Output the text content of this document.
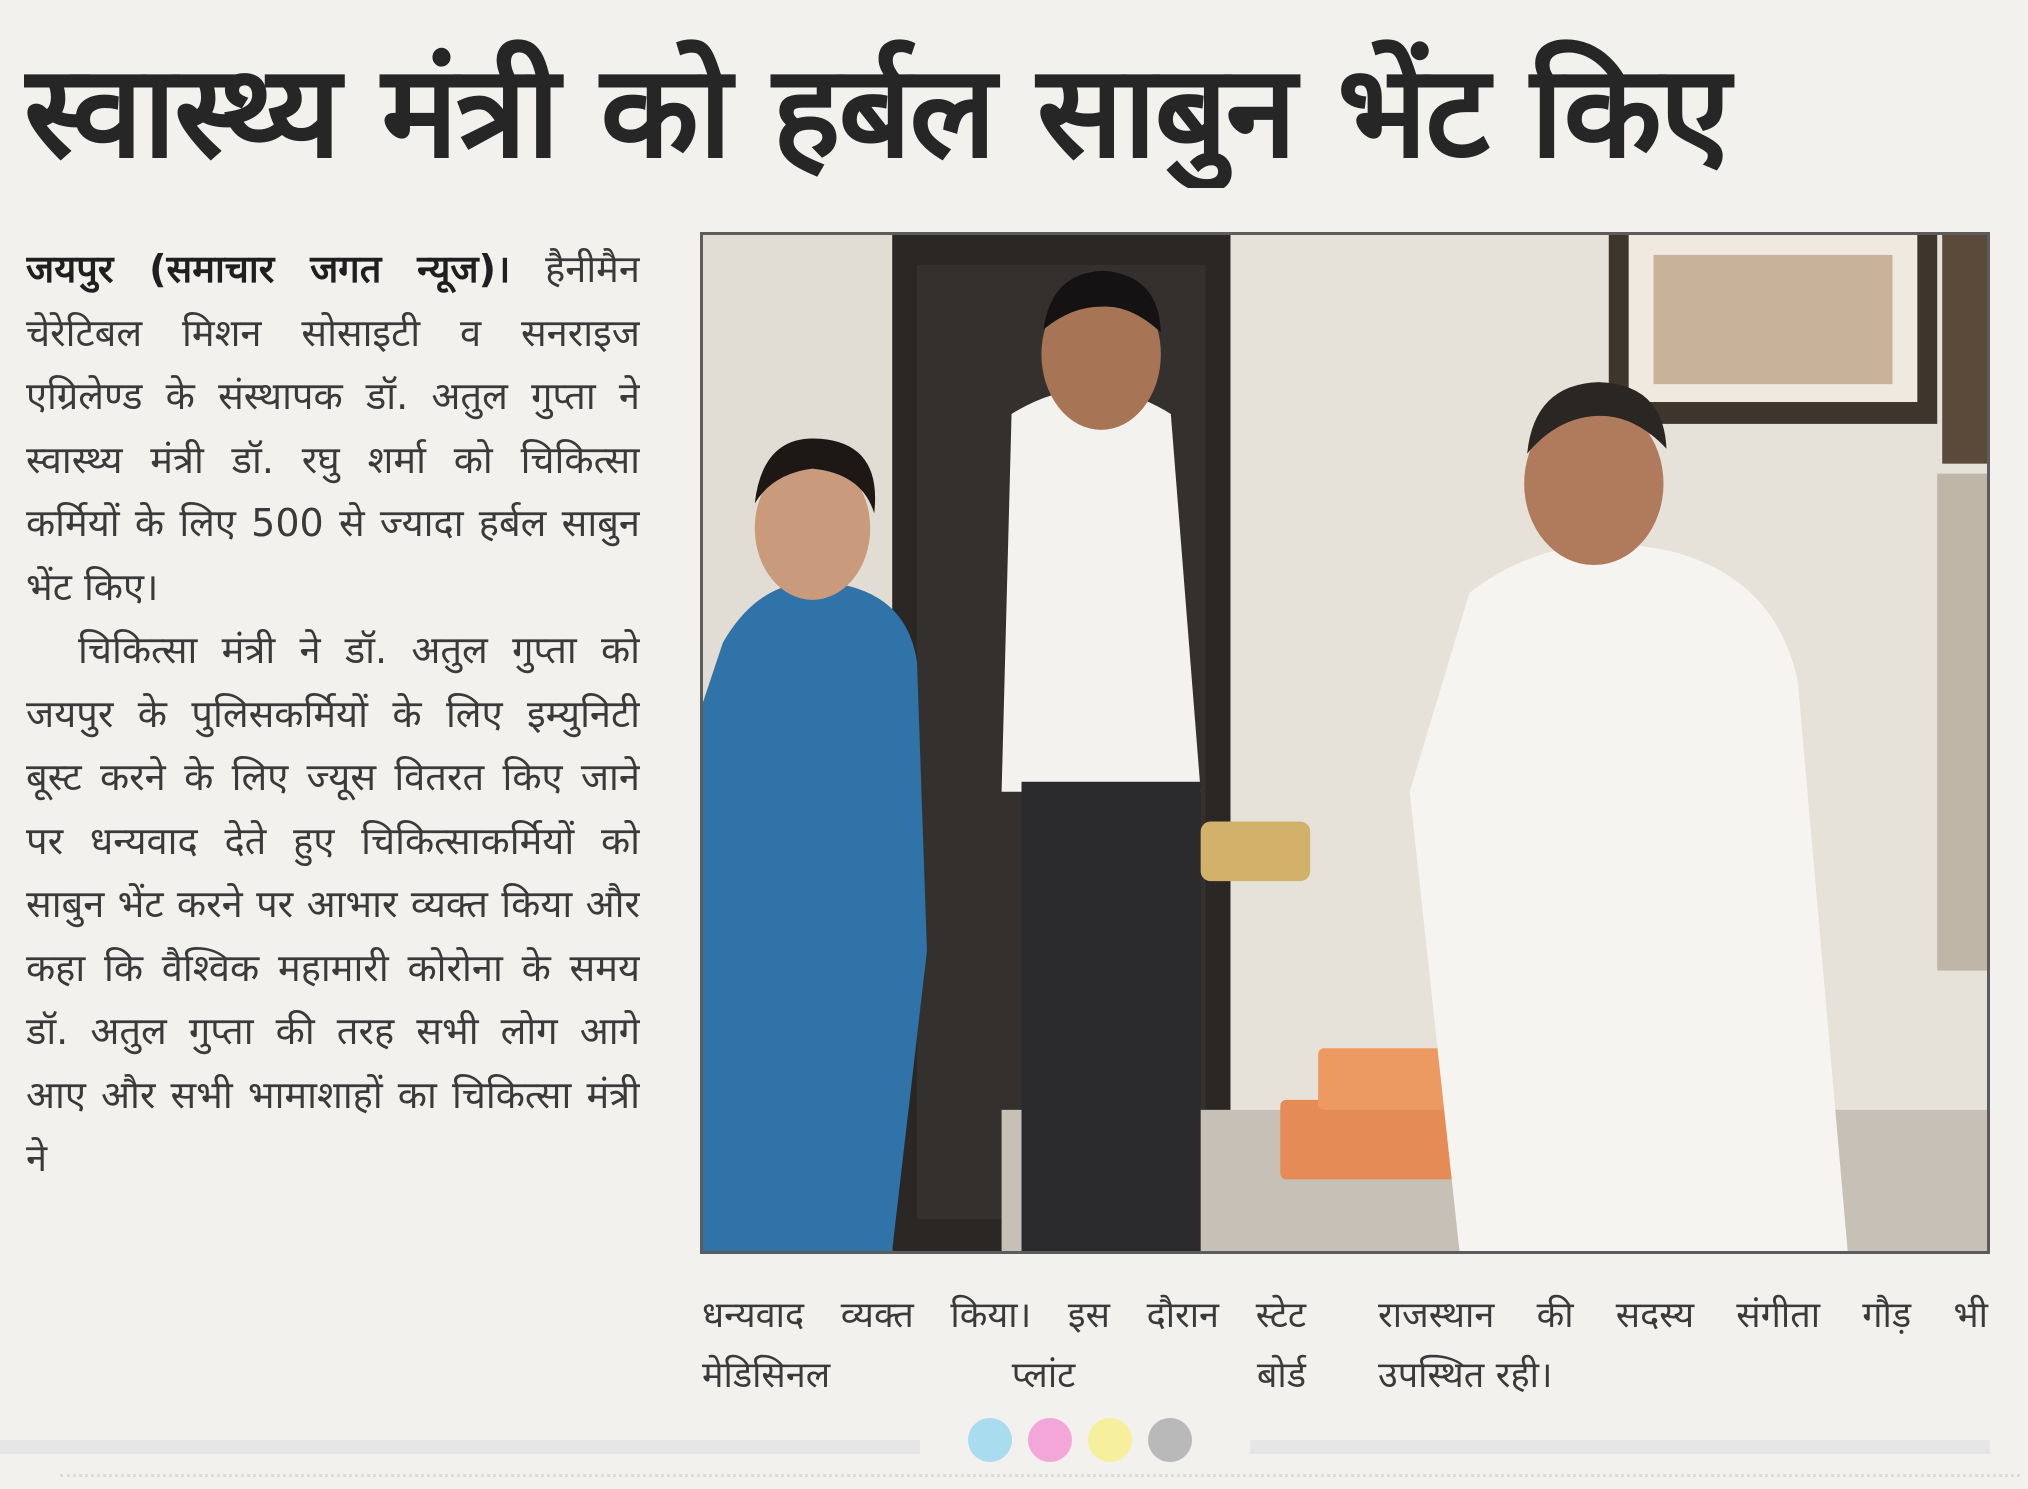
स्वास्थ्य मंत्री को हर्बल साबुन भेंट किए

जयपुर (समाचार जगत न्यूज)। हैनीमैन चेरेटिबल मिशन सोसाइटी व सनराइज एग्रिलेण्ड के संस्थापक डॉ. अतुल गुप्ता ने स्वास्थ्य मंत्री डॉ. रघु शर्मा को चिकित्सा कर्मियों के लिए 500 से ज्यादा हर्बल साबुन भेंट किए।

चिकित्सा मंत्री ने डॉ. अतुल गुप्ता को जयपुर के पुलिसकर्मियों के लिए इम्युनिटी बूस्ट करने के लिए ज्यूस वितरत किए जाने पर धन्यवाद देते हुए चिकित्साकर्मियों को साबुन भेंट करने पर आभार व्यक्त किया और कहा कि वैश्विक महामारी कोरोना के समय डॉ. अतुल गुप्ता की तरह सभी लोग आगे आए और सभी भामाशाहों का चिकित्सा मंत्री ने

धन्यवाद व्यक्त किया। इस दौरान स्टेट मेडिसिनल प्लांट बोर्ड
राजस्थान की सदस्य संगीता गौड़ भी
उपस्थित रही।
